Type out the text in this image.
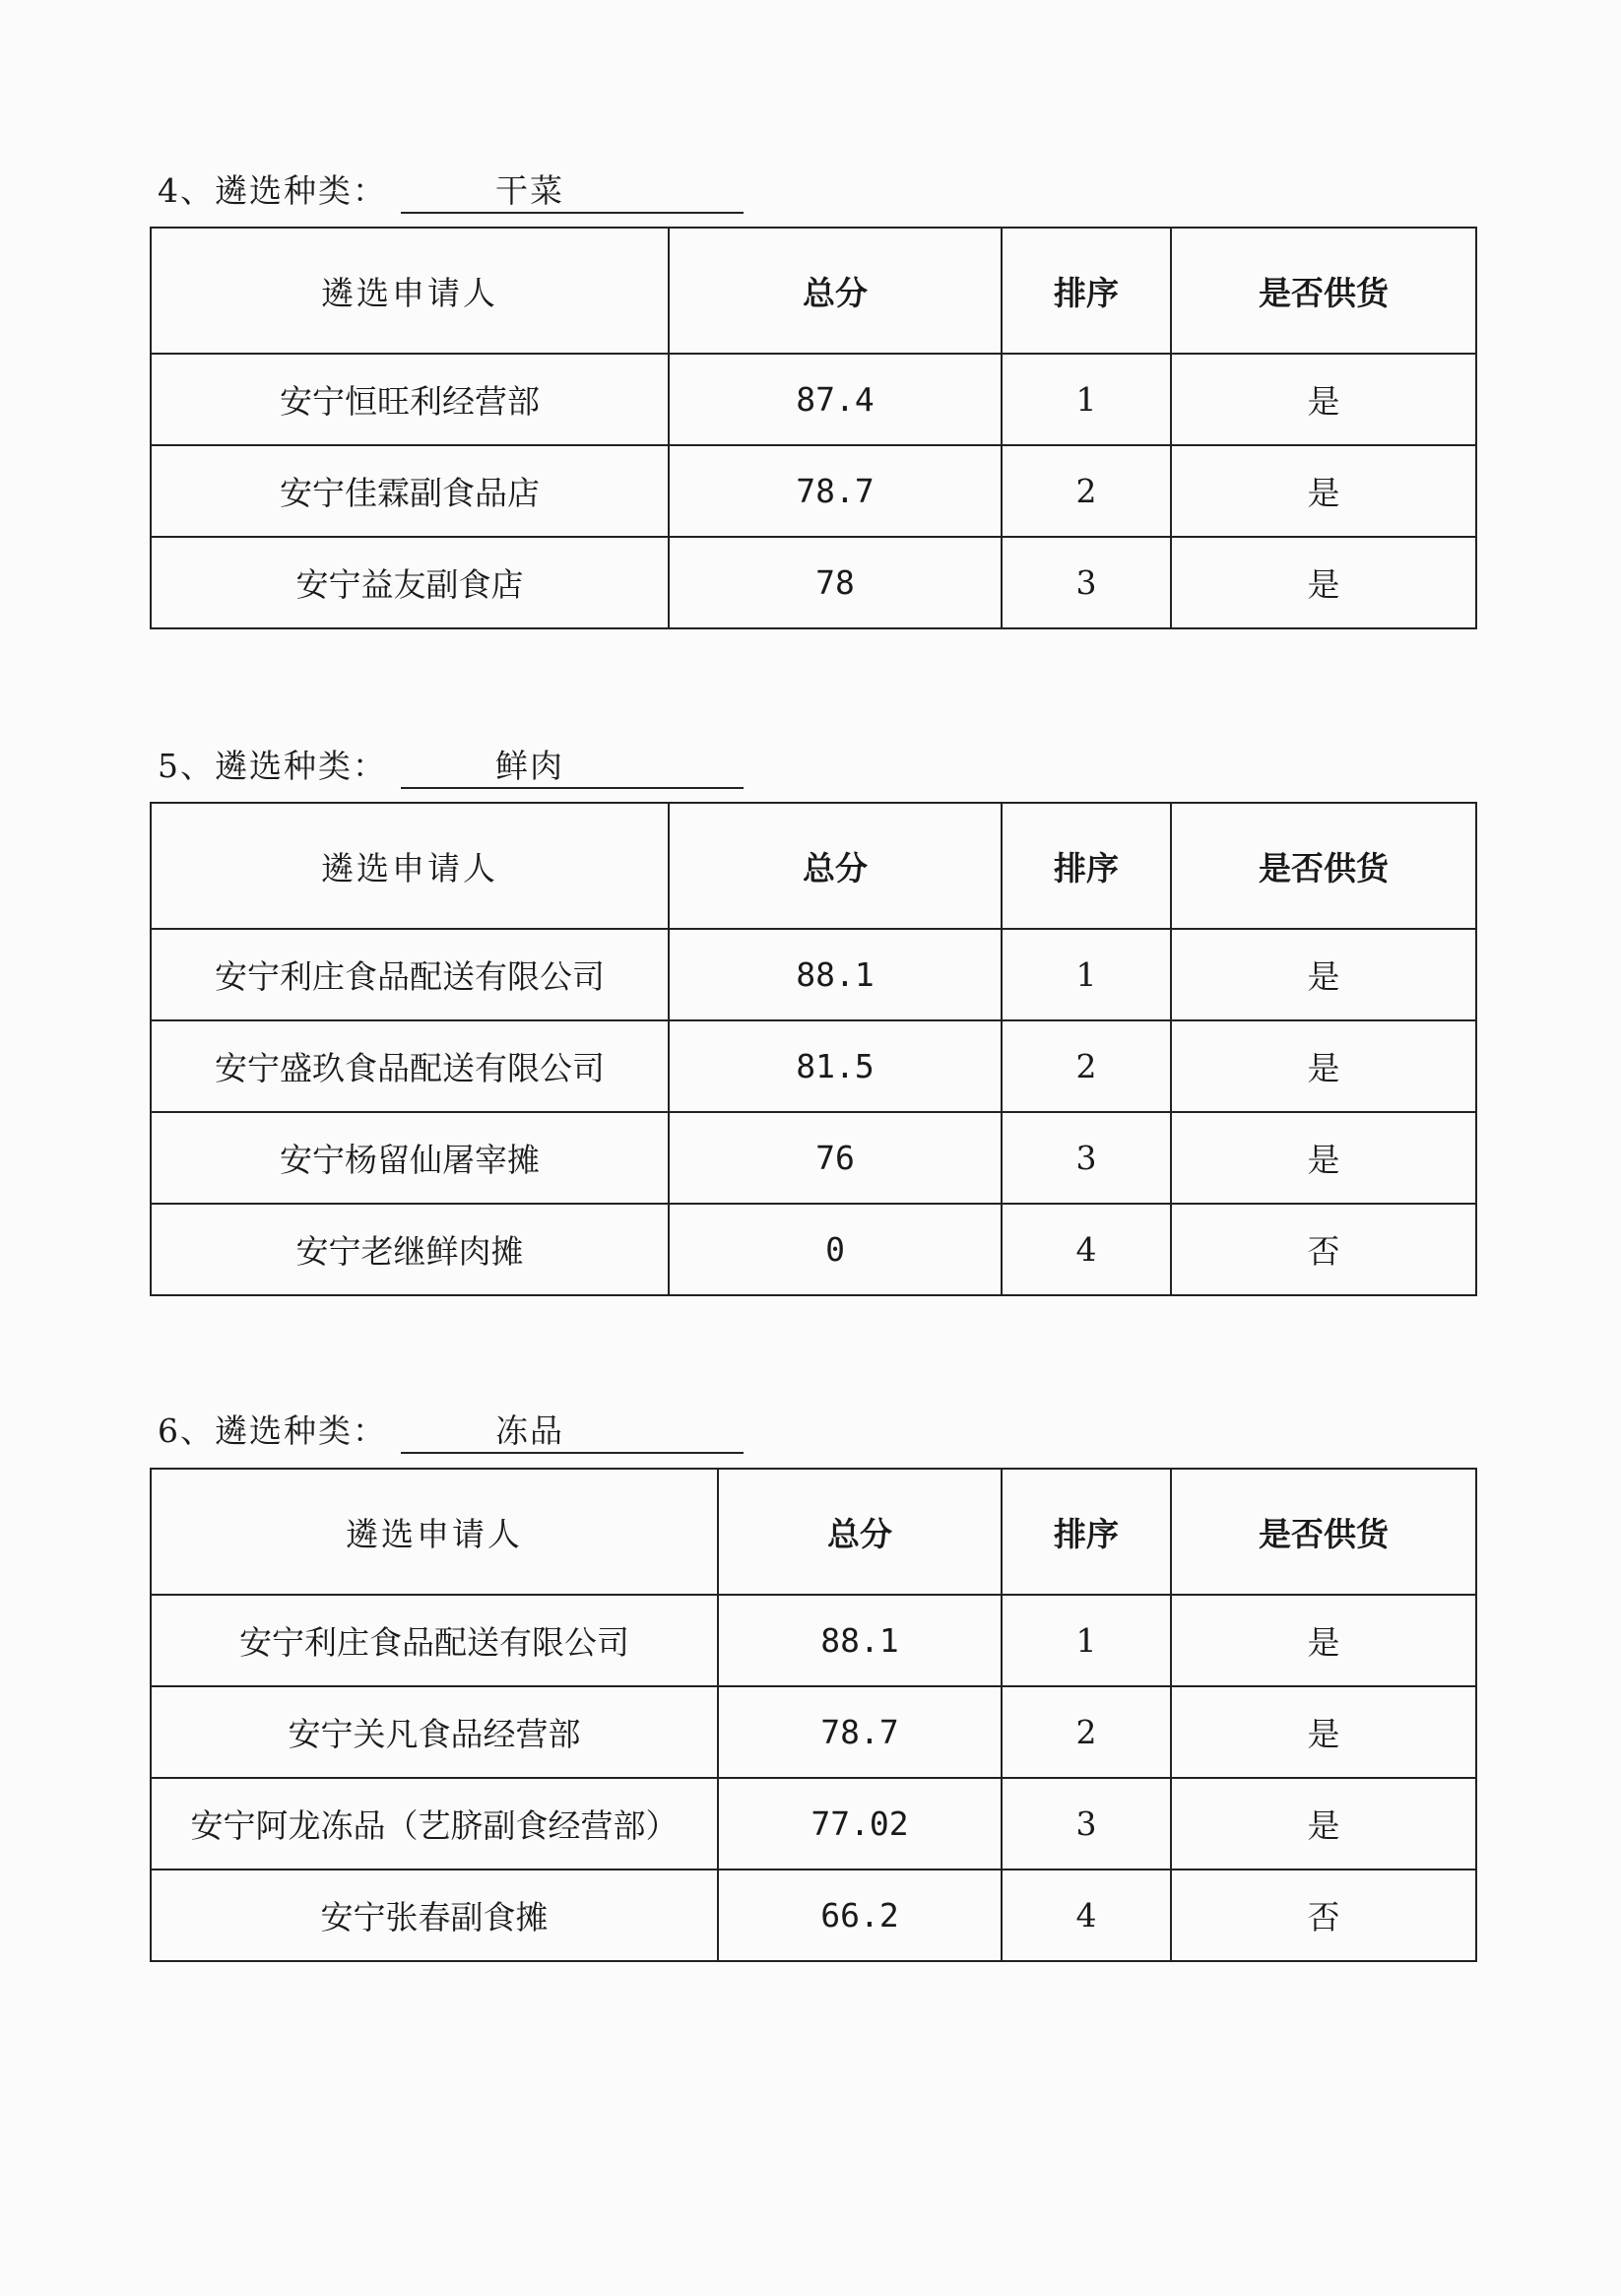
4、遴选种类：	干菜
遴选申请人	总分	排序	是否供货
安宁恒旺利经营部	87.4	1	是
安宁佳霖副食品店	78.7	2	是
安宁益友副食店	78	3	是
5、遴选种类：	鲜肉
遴选申请人	总分	排序	是否供货
安宁利庄食品配送有限公司	88.1	1	是
安宁盛玖食品配送有限公司	81.5	2	是
安宁杨留仙屠宰摊	76	3	是
安宁老继鲜肉摊	0	4	否
6、遴选种类：	冻品
遴选申请人	总分	排序	是否供货
安宁利庄食品配送有限公司	88.1	1	是
安宁关凡食品经营部	78.7	2	是
安宁阿龙冻品（艺脐副食经营部）	77.02	3	是
安宁张春副食摊	66.2	4	否
